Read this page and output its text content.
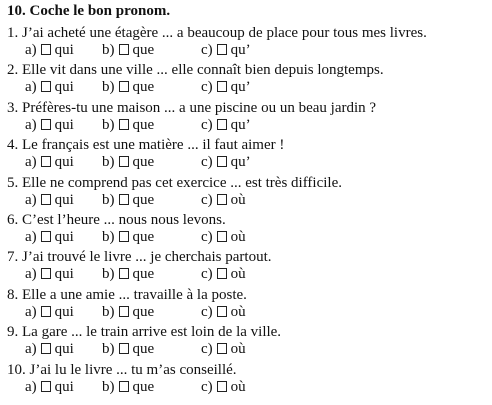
10. Coche le bon pronom.
1. J’ai acheté une étagère ... a beaucoup de place pour tous mes livres.
a) qui b) que	c) qu’
2. Elle vit dans une ville ... elle connaît bien depuis longtemps.
a) qui b) que	c) qu’
3. Préfères-tu une maison ... a une piscine ou un beau jardin ?
a) qui b) que	c) qu’
4. Le français est une matière ... il faut aimer !
a) qui b) que	c) qu’
5. Elle ne comprend pas cet exercice ... est très difficile.
a) qui b) que	c) où
6. C’est l’heure ... nous nous levons.
a) qui b) que	c) où
7. J’ai trouvé le livre ... je cherchais partout.
a) qui b) que	c) où
8. Elle a une amie ... travaille à la poste.
a) qui b) que	c) où
9. La gare ... le train arrive est loin de la ville.
a) qui b) que	c) où
10. J’ai lu le livre ... tu m’as conseillé.
a) qui b) que	c) où
